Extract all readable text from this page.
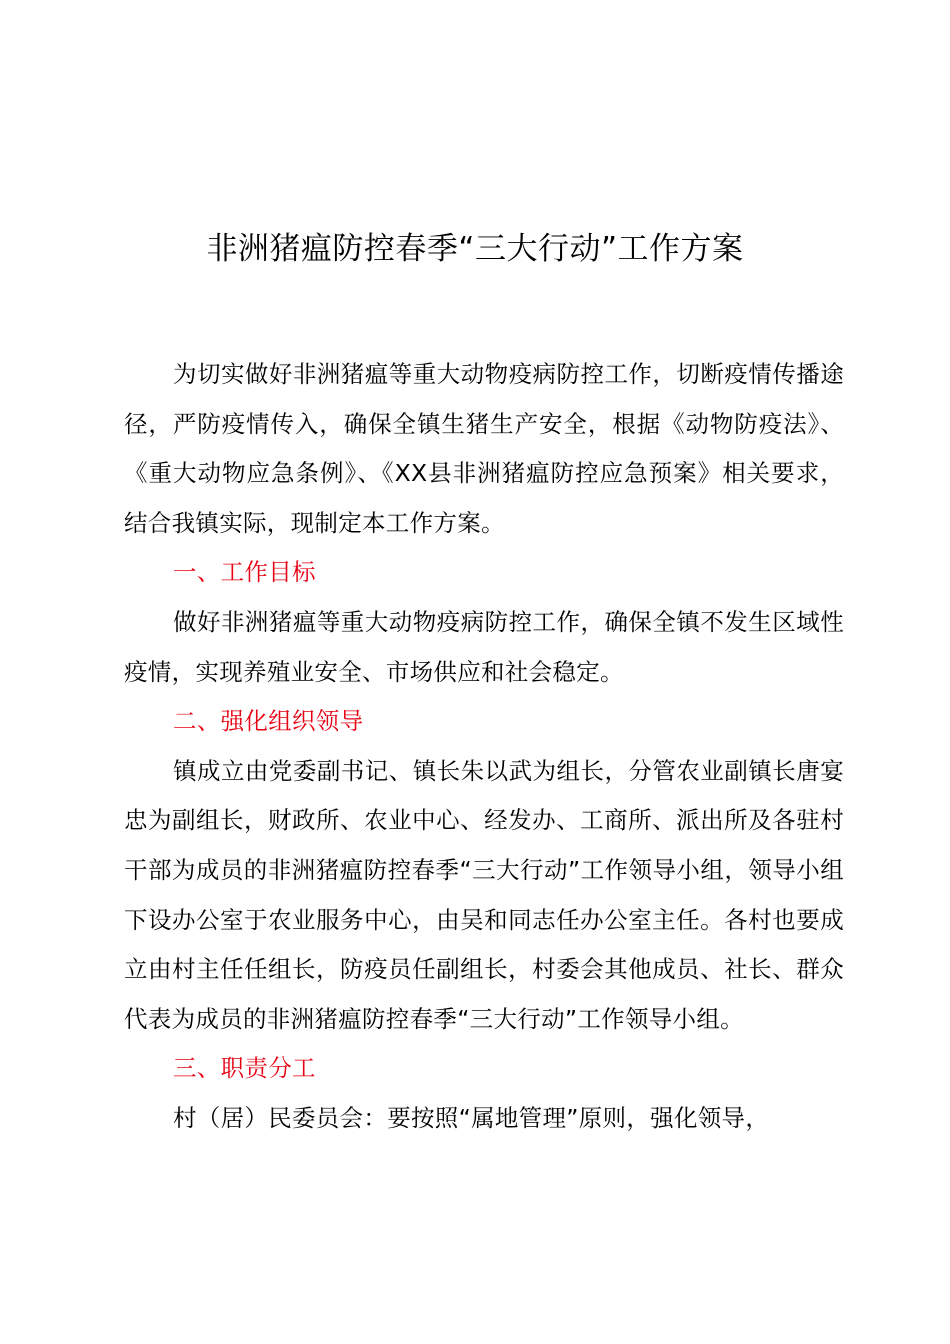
非洲猪瘟防控春季“三大行动”工作方案

为切实做好非洲猪瘟等重大动物疫病防控工作，切断疫情传播途径，严防疫情传入，确保全镇生猪生产安全，根据《动物防疫法》、《重大动物应急条例》、《XX县非洲猪瘟防控应急预案》相关要求，结合我镇实际，现制定本工作方案。

一、工作目标

做好非洲猪瘟等重大动物疫病防控工作，确保全镇不发生区域性疫情，实现养殖业安全、市场供应和社会稳定。

二、强化组织领导

镇成立由党委副书记、镇长朱以武为组长，分管农业副镇长唐宴忠为副组长，财政所、农业中心、经发办、工商所、派出所及各驻村干部为成员的非洲猪瘟防控春季“三大行动”工作领导小组，领导小组下设办公室于农业服务中心，由吴和同志任办公室主任。各村也要成立由村主任任组长，防疫员任副组长，村委会其他成员、社长、群众代表为成员的非洲猪瘟防控春季“三大行动”工作领导小组。

三、职责分工

村（居）民委员会：要按照“属地管理”原则，强化领导，
